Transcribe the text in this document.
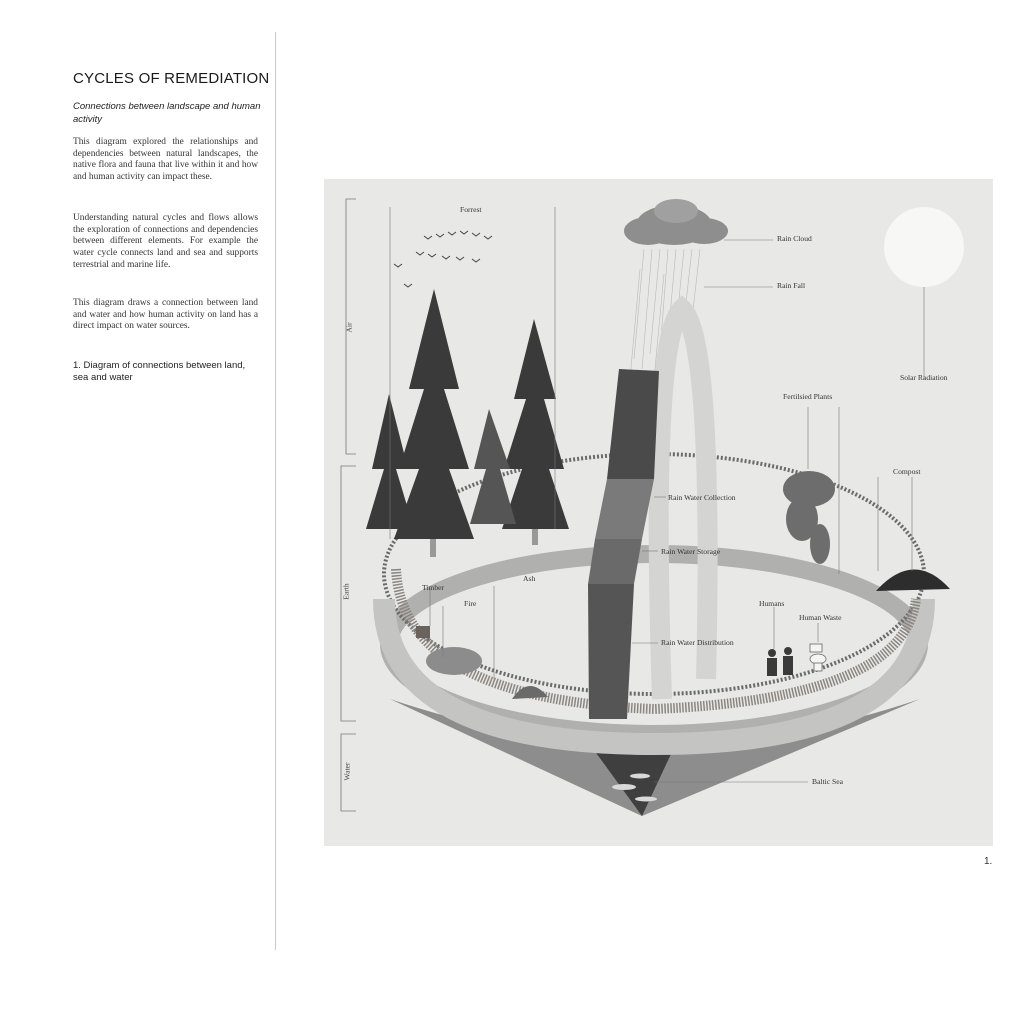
CYCLES OF REMEDIATION
Connections between landscape and human activity
This diagram explored the relationships and dependencies between natural landscapes, the native flora and fauna that live within it and how and human activity can impact these.
Understanding natural cycles and flows allows the exploration of connections and dependencies between different elements. For example the water cycle connects land and sea and supports terrestrial and marine life.
This diagram draws a connection between land and water and how human activity on land has a direct impact on water sources.
1. Diagram of connections between land, sea and water
Air
Earth
Water
Forrest
Rain Cloud
Rain Fall
Solar Radiation
Fertilsied Plants
Compost
Rain Water Collection
Rain Water Storage
Rain Water Distribution
Timber
Fire
Ash
Humans
Human Waste
Baltic Sea
1.
